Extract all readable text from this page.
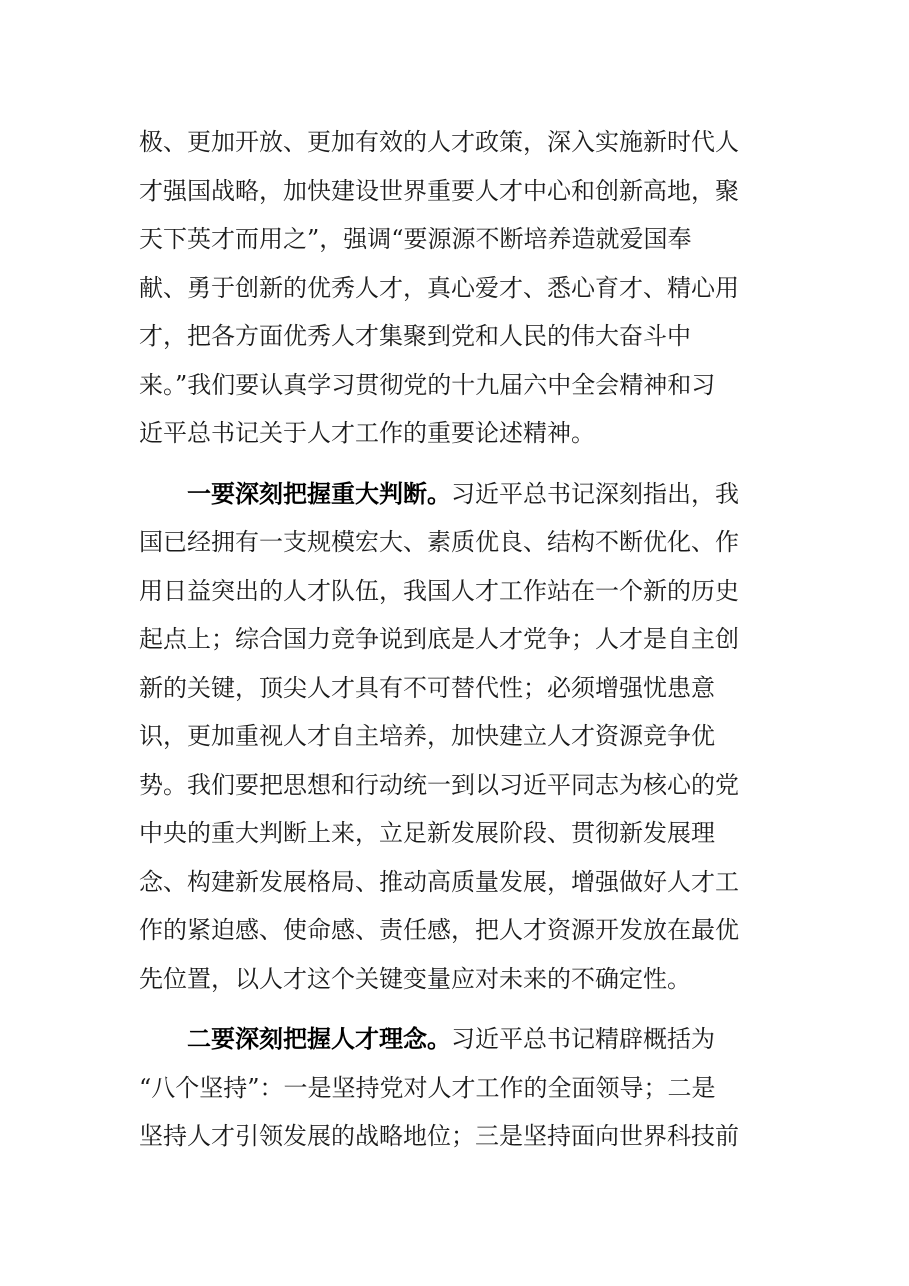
极、更加开放、更加有效的人才政策，深入实施新时代人
才强国战略，加快建设世界重要人才中心和创新高地，聚
天下英才而用之”，强调“要源源不断培养造就爱国奉
献、勇于创新的优秀人才，真心爱才、悉心育才、精心用
才，把各方面优秀人才集聚到党和人民的伟大奋斗中
来。”我们要认真学习贯彻党的十九届六中全会精神和习
近平总书记关于人才工作的重要论述精神。
一要深刻把握重大判断。习近平总书记深刻指出，我
国已经拥有一支规模宏大、素质优良、结构不断优化、作
用日益突出的人才队伍，我国人才工作站在一个新的历史
起点上；综合国力竞争说到底是人才党争；人才是自主创
新的关键，顶尖人才具有不可替代性；必须增强忧患意
识，更加重视人才自主培养，加快建立人才资源竞争优
势。我们要把思想和行动统一到以习近平同志为核心的党
中央的重大判断上来，立足新发展阶段、贯彻新发展理
念、构建新发展格局、推动高质量发展，增强做好人才工
作的紧迫感、使命感、责任感，把人才资源开发放在最优
先位置，以人才这个关键变量应对未来的不确定性。
二要深刻把握人才理念。习近平总书记精辟概括为
“八个坚持”：一是坚持党对人才工作的全面领导；二是
坚持人才引领发展的战略地位；三是坚持面向世界科技前
